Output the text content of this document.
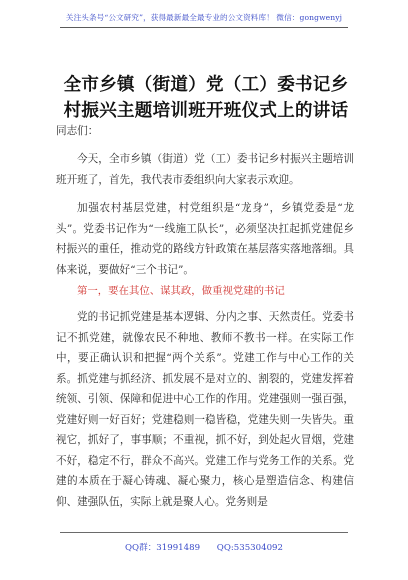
关注头条号“公文研究”，获得最新最全最专业的公文资料库！ 微信：gongwenyj
全市乡镇（街道）党（工）委书记乡村振兴主题培训班开班仪式上的讲话

同志们：

今天，全市乡镇（街道）党（工）委书记乡村振兴主题培训班开班了，首先，我代表市委组织向大家表示欢迎。

加强农村基层党建，村党组织是“龙身”，乡镇党委是“龙头”。党委书记作为“一线施工队长”，必须坚决扛起抓党建促乡村振兴的重任，推动党的路线方针政策在基层落实落地落细。具体来说，要做好“三个书记”。

第一，要在其位、谋其政，做重视党建的书记

党的书记抓党建是基本逻辑、分内之事、天然责任。党委书记不抓党建，就像农民不种地、教师不教书一样。在实际工作中，要正确认识和把握“两个关系”。党建工作与中心工作的关系。抓党建与抓经济、抓发展不是对立的、割裂的，党建发挥着统领、引领、保障和促进中心工作的作用。党建强则一强百强，党建好则一好百好；党建稳则一稳皆稳，党建失则一失皆失。重视它，抓好了，事事顺；不重视，抓不好，到处起火冒烟，党建不好，稳定不行，群众不高兴。党建工作与党务工作的关系。党建的本质在于凝心铸魂、凝心聚力，核心是塑造信念、构建信仰、建强队伍，实际上就是聚人心。党务则是

QQ群：31991489 QQ:535304092
